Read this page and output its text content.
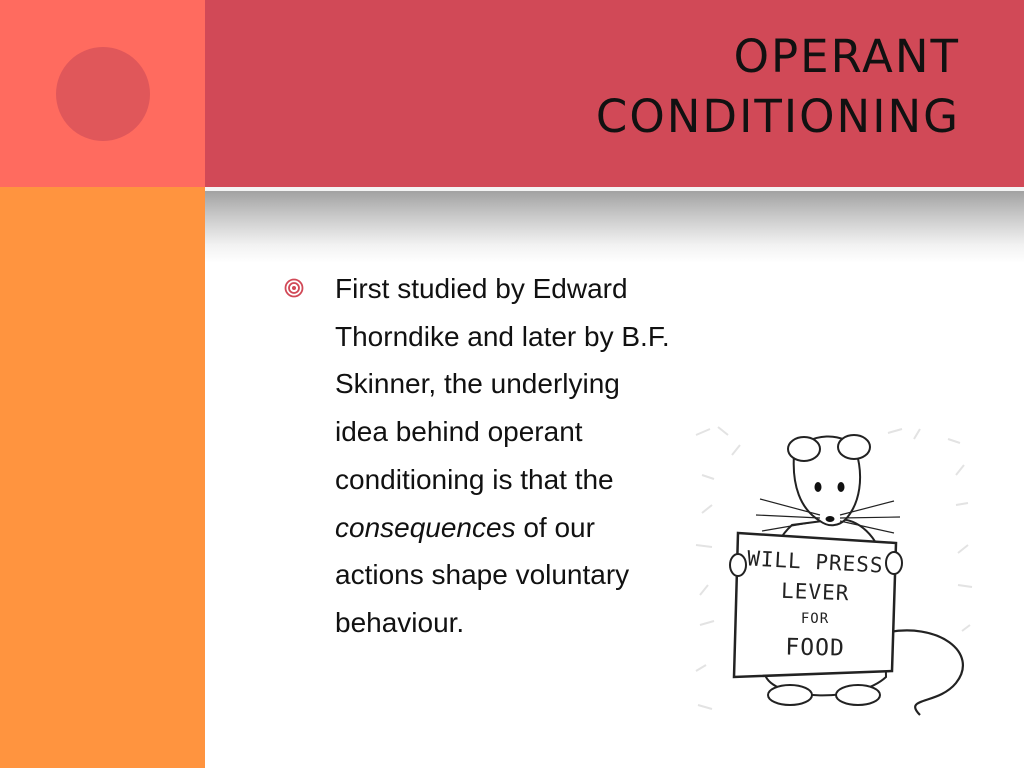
OPERANT
CONDITIONING

First studied by Edward Thorndike and later by B.F. Skinner, the underlying idea behind operant conditioning is that the consequences of our actions shape voluntary behaviour.

WILL PRESS
LEVER
FOR
FOOD
